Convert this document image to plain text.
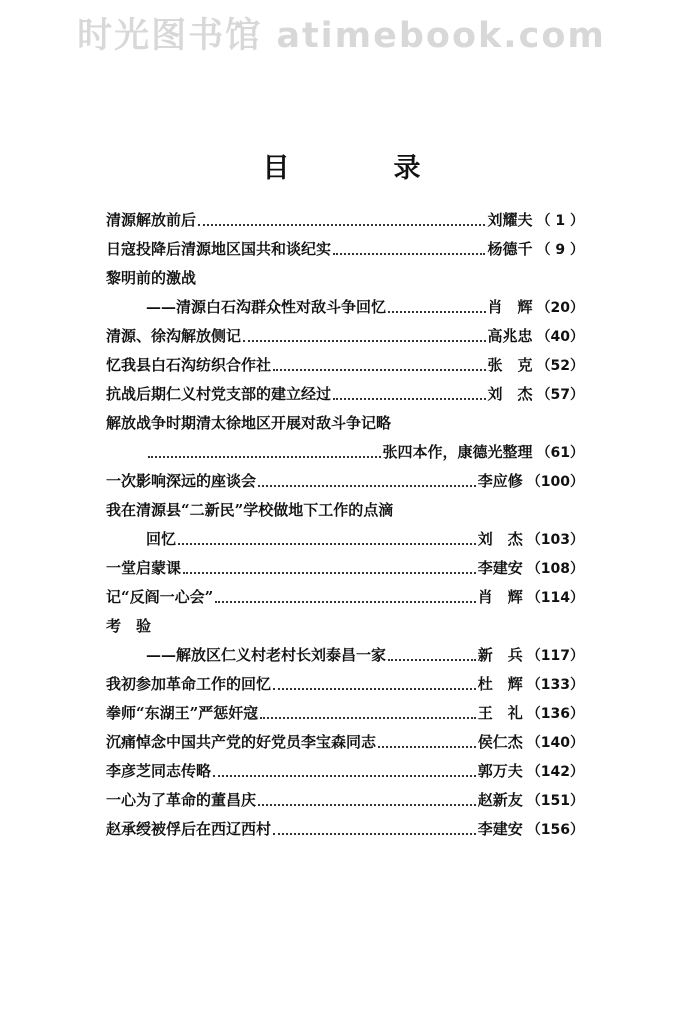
时光图书馆 atimebook.com
目录
清源解放前后	刘耀夫 （ 1 ）
日寇投降后清源地区国共和谈纪实	杨德千 （ 9 ）
黎明前的激战
——清源白石沟群众性对敌斗争回忆	肖　辉 （20）
清源、徐沟解放侧记	高兆忠 （40）
忆我县白石沟纺织合作社	张　克 （52）
抗战后期仁义村党支部的建立经过	刘　杰 （57）
解放战争时期清太徐地区开展对敌斗争记略
张四本作，康德光整理 （61）
一次影响深远的座谈会	李应修 （100）
我在清源县“二新民”学校做地下工作的点滴
回忆	刘　杰 （103）
一堂启蒙课	李建安 （108）
记“反阎一心会”	肖　辉 （114）
考　验
——解放区仁义村老村长刘泰昌一家	新　兵 （117）
我初参加革命工作的回忆	杜　辉 （133）
拳师“东湖王”严惩奸寇	王　礼 （136）
沉痛悼念中国共产党的好党员李宝森同志	侯仁杰 （140）
李彦芝同志传略	郭万夫 （142）
一心为了革命的董昌庆	赵新友 （151）
赵承绶被俘后在西辽西村	李建安 （156）
